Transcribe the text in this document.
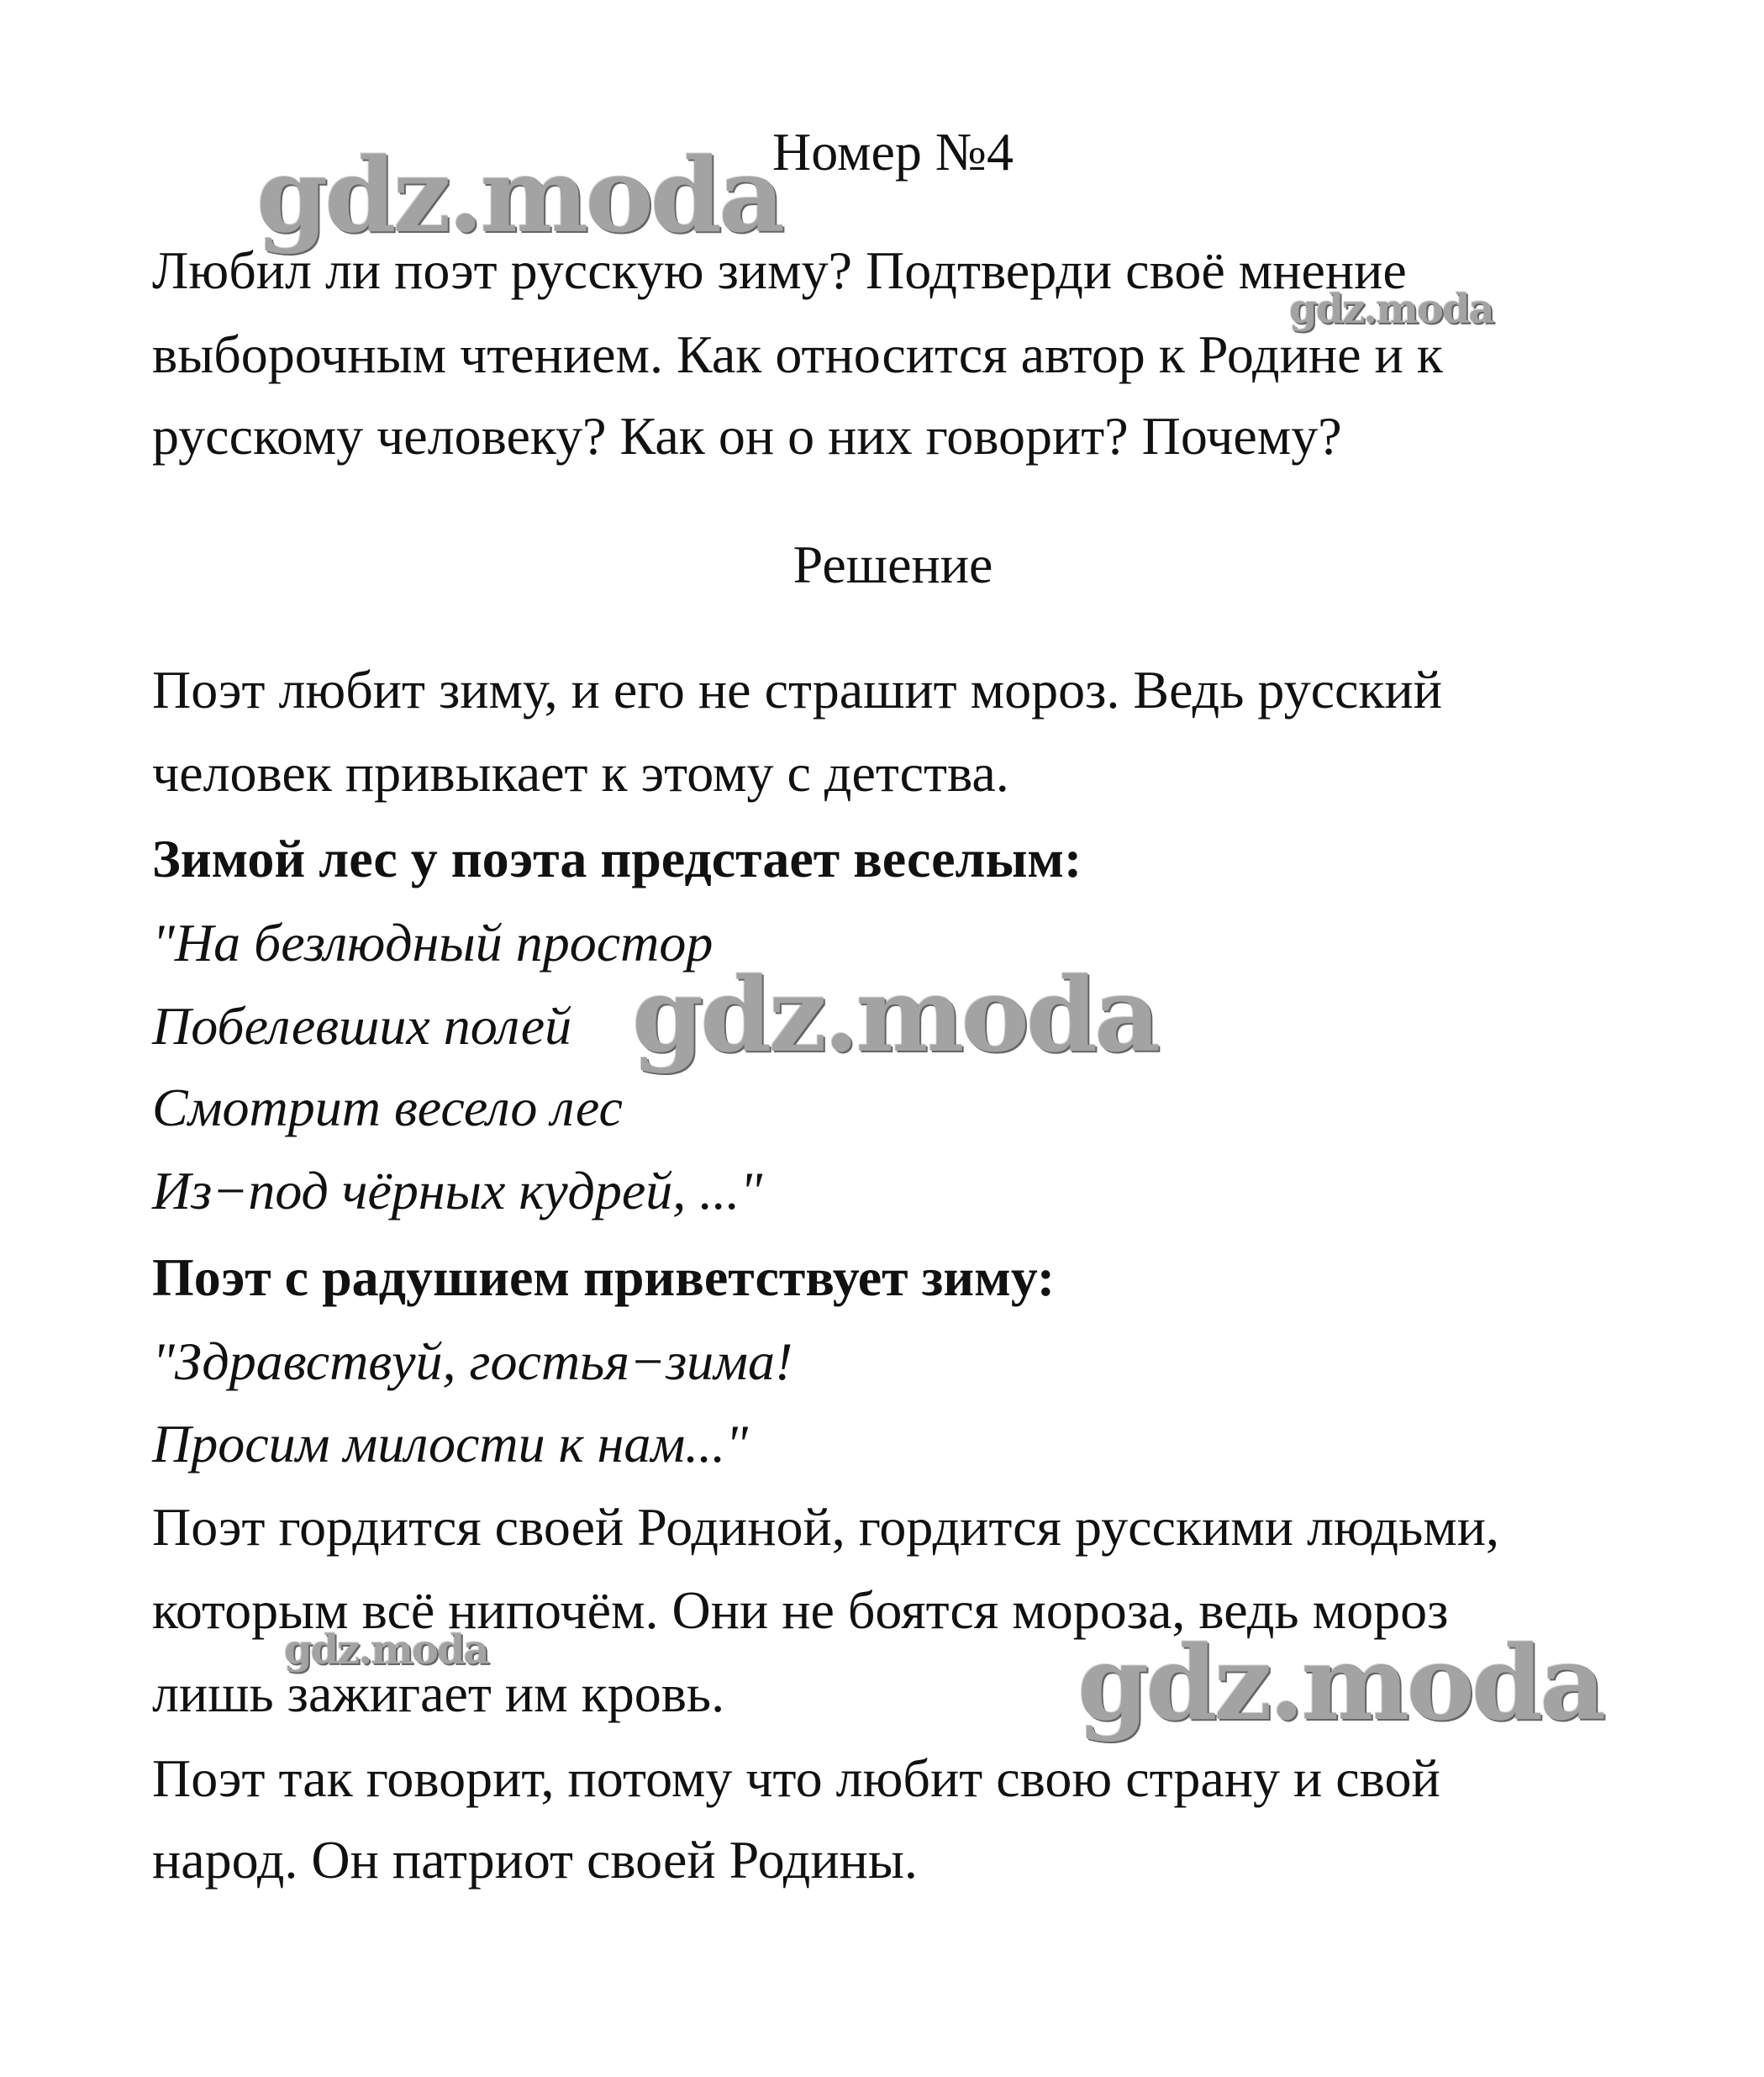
Номер №4
Любил ли поэт русскую зиму? Подтверди своё мнение
выборочным чтением. Как относится автор к Родине и к
русскому человеку? Как он о них говорит? Почему?
Решение
Поэт любит зиму, и его не страшит мороз. Ведь русский
человек привыкает к этому с детства.
Зимой лес у поэта предстает веселым:
"На безлюдный простор
Побелевших полей
Смотрит весело лес
Из−под чёрных кудрей, ..."
Поэт с радушием приветствует зиму:
"Здравствуй, гостья−зима!
Просим милости к нам..."
Поэт гордится своей Родиной, гордится русскими людьми,
которым всё нипочём. Они не боятся мороза, ведь мороз
лишь зажигает им кровь.
Поэт так говорит, потому что любит свою страну и свой
народ. Он патриот своей Родины.
gdz.moda
gdz.moda
gdz.moda
gdz.moda	gdz.moda
